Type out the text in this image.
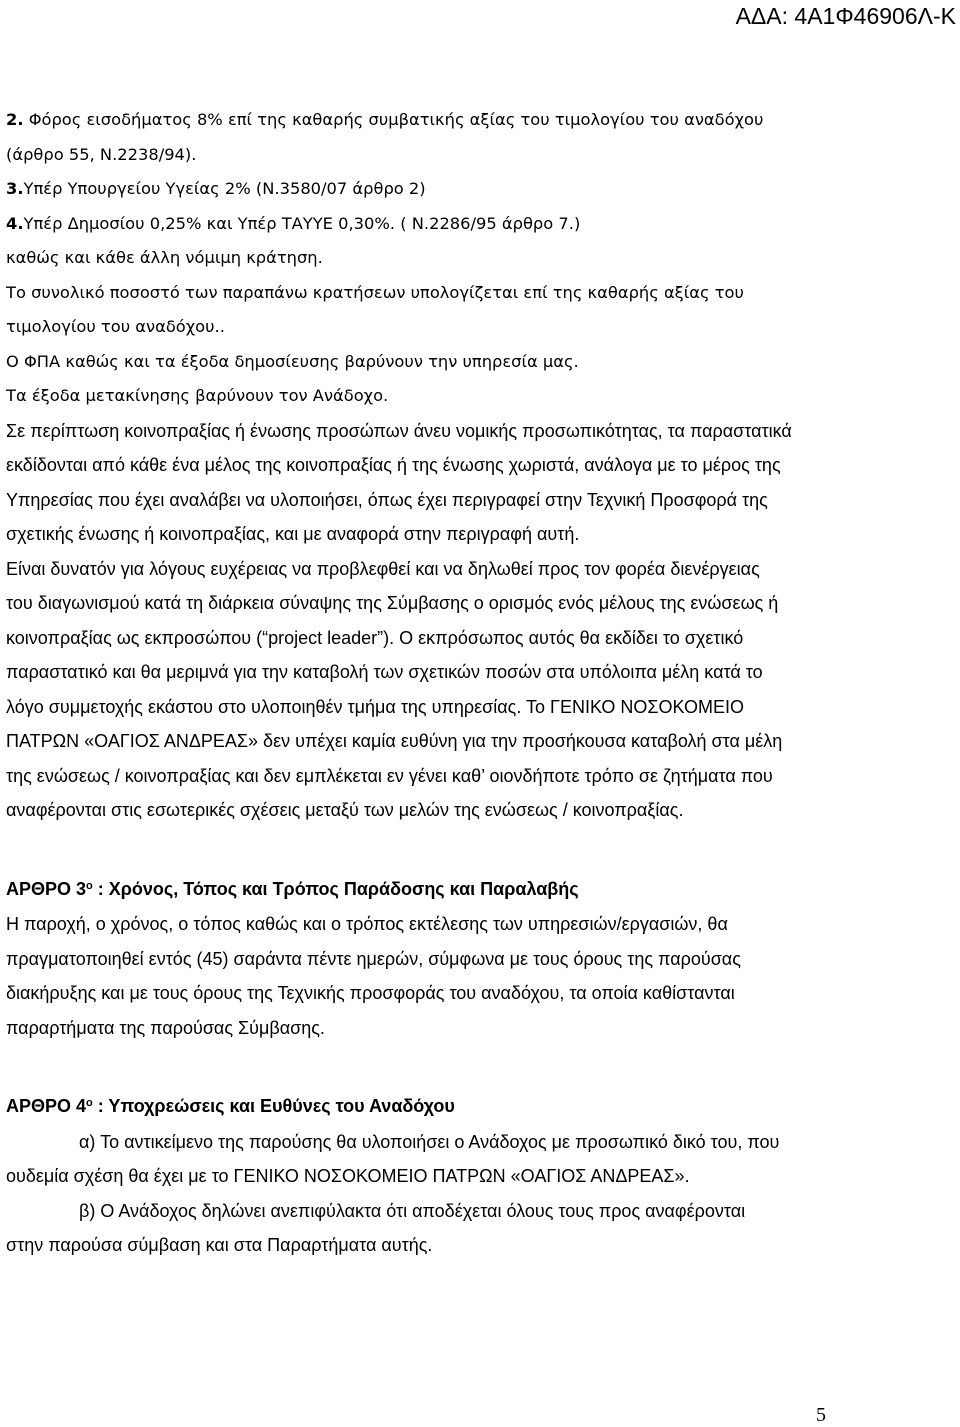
ΑΔΑ: 4Α1Φ46906Λ-Κ
2. Φόρος εισοδήματος 8% επί της καθαρής συμβατικής αξίας του τιμολογίου του αναδόχου
(άρθρο 55, Ν.2238/94).
3.Υπέρ Υπουργείου Υγείας 2% (Ν.3580/07 άρθρο 2)
4.Υπέρ Δημοσίου 0,25% και Υπέρ ΤΑΥΥΕ 0,30%. ( Ν.2286/95 άρθρο 7.)
καθώς και κάθε άλλη νόμιμη κράτηση.
Το συνολικό ποσοστό των παραπάνω κρατήσεων υπολογίζεται επί της καθαρής αξίας του
τιμολογίου του αναδόχου..
Ο ΦΠΑ καθώς και τα έξοδα δημοσίευσης βαρύνουν την υπηρεσία μας.
Τα έξοδα μετακίνησης βαρύνουν τον Ανάδοχο.
Σε περίπτωση κοινοπραξίας ή ένωσης προσώπων άνευ νομικής προσωπικότητας, τα παραστατικά
εκδίδονται από κάθε ένα μέλος της κοινοπραξίας ή της ένωσης χωριστά, ανάλογα με το μέρος της
Υπηρεσίας που έχει αναλάβει να υλοποιήσει, όπως έχει περιγραφεί στην Τεχνική Προσφορά της
σχετικής ένωσης ή κοινοπραξίας, και με αναφορά στην περιγραφή αυτή.
Είναι δυνατόν για λόγους ευχέρειας να προβλεφθεί και να δηλωθεί προς τον φορέα διενέργειας
του διαγωνισμού κατά τη διάρκεια σύναψης της Σύμβασης ο ορισμός ενός μέλους της ενώσεως ή
κοινοπραξίας ως εκπροσώπου (“project leader”). Ο εκπρόσωπος αυτός θα εκδίδει το σχετικό
παραστατικό και θα μεριμνά για την καταβολή των σχετικών ποσών στα υπόλοιπα μέλη κατά το
λόγο συμμετοχής εκάστου στο υλοποιηθέν τμήμα της υπηρεσίας. Το ΓΕΝΙΚΟ ΝΟΣΟΚΟΜΕΙΟ
ΠΑΤΡΩΝ «ΟΑΓΙΟΣ ΑΝΔΡΕΑΣ» δεν υπέχει καμία ευθύνη για την προσήκουσα καταβολή στα μέλη
της ενώσεως / κοινοπραξίας και δεν εμπλέκεται εν γένει καθ’ οιονδήποτε τρόπο σε ζητήματα που
αναφέρονται στις εσωτερικές σχέσεις μεταξύ των μελών της ενώσεως / κοινοπραξίας.
ΑΡΘΡΟ $3^o$ : Χρόνος, Τόπος και Τρόπος Παράδοσης και Παραλαβής
Η παροχή, ο χρόνος, ο τόπος καθώς και ο τρόπος εκτέλεσης των υπηρεσιών/εργασιών, θα
πραγματοποιηθεί εντός (45) σαράντα πέντε ημερών, σύμφωνα με τους όρους της παρούσας
διακήρυξης και με τους όρους της Τεχνικής προσφοράς του αναδόχου, τα οποία καθίστανται
παραρτήματα της παρούσας Σύμβασης.
ΑΡΘΡΟ $4^o$ : Υποχρεώσεις και Ευθύνες του Αναδόχου
α) Το αντικείμενο της παρούσης θα υλοποιήσει ο Ανάδοχος με προσωπικό δικό του, που
ουδεμία σχέση θα έχει με το ΓΕΝΙΚΟ ΝΟΣΟΚΟΜΕΙΟ ΠΑΤΡΩΝ «ΟΑΓΙΟΣ ΑΝΔΡΕΑΣ».
β) Ο Ανάδοχος δηλώνει ανεπιφύλακτα ότι αποδέχεται όλους τους προς αναφέρονται
στην παρούσα σύμβαση και στα Παραρτήματα αυτής.
5
